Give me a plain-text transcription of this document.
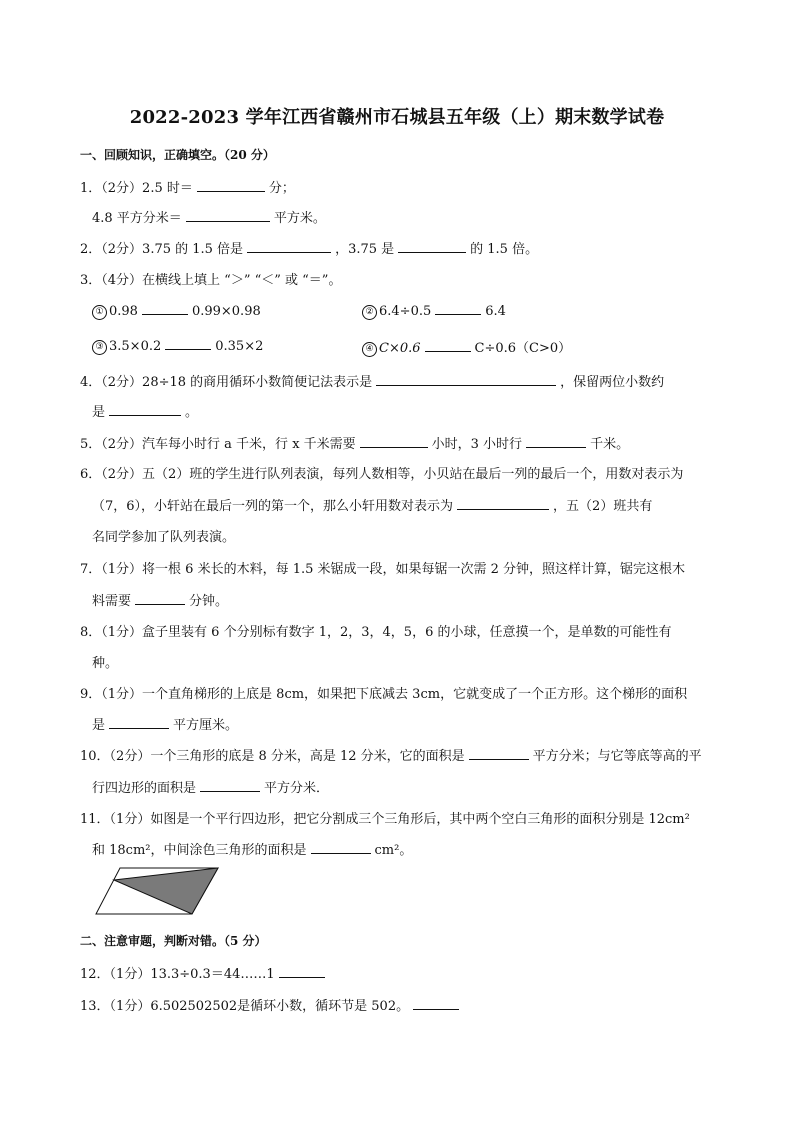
2022-2023 学年江西省赣州市石城县五年级（上）期末数学试卷
一、回顾知识，正确填空。（20 分）
1．（2分）2.5 时＝	分；
4.8 平方分米＝	平方米。
2．（2分）3.75 的 1.5 倍是	，3.75 是	的 1.5 倍。
3．（4分）在横线上填上 “＞” “＜” 或 “＝”。
① 0.98	0.99×0.98	② 6.4÷0.5	6.4
③ 3.5×0.2	0.35×2	④ C×0.6	C÷0.6（C>0）
4．（2分）28÷18 的商用循环小数简便记法表示是	，保留两位小数约
是	。
5．（2分）汽车每小时行 a 千米，行 x 千米需要	小时，3 小时行	千米。
6．（2分）五（2）班的学生进行队列表演，每列人数相等，小贝站在最后一列的最后一个，用数对表示为
（7，6），小轩站在最后一列的第一个，那么小轩用数对表示为	，五（2）班共有
名同学参加了队列表演。
7．（1分）将一根 6 米长的木料，每 1.5 米锯成一段，如果每锯一次需 2 分钟，照这样计算，锯完这根木
料需要	分钟。
8．（1分）盒子里装有 6 个分别标有数字 1，2，3，4，5，6 的小球，任意摸一个，是单数的可能性有
种。
9．（1分）一个直角梯形的上底是 8cm，如果把下底减去 3cm，它就变成了一个正方形。这个梯形的面积
是	平方厘米。
10．（2分）一个三角形的底是 8 分米，高是 12 分米，它的面积是	平方分米；与它等底等高的平
行四边形的面积是	平方分米．
11．（1分）如图是一个平行四边形，把它分割成三个三角形后，其中两个空白三角形的面积分别是 12cm²
和 18cm²，中间涂色三角形的面积是	cm²。
二、注意审题，判断对错。（5 分）
12．（1分）13.3÷0.3＝44……1
13．（1分）6.502502502是循环小数，循环节是 502。
